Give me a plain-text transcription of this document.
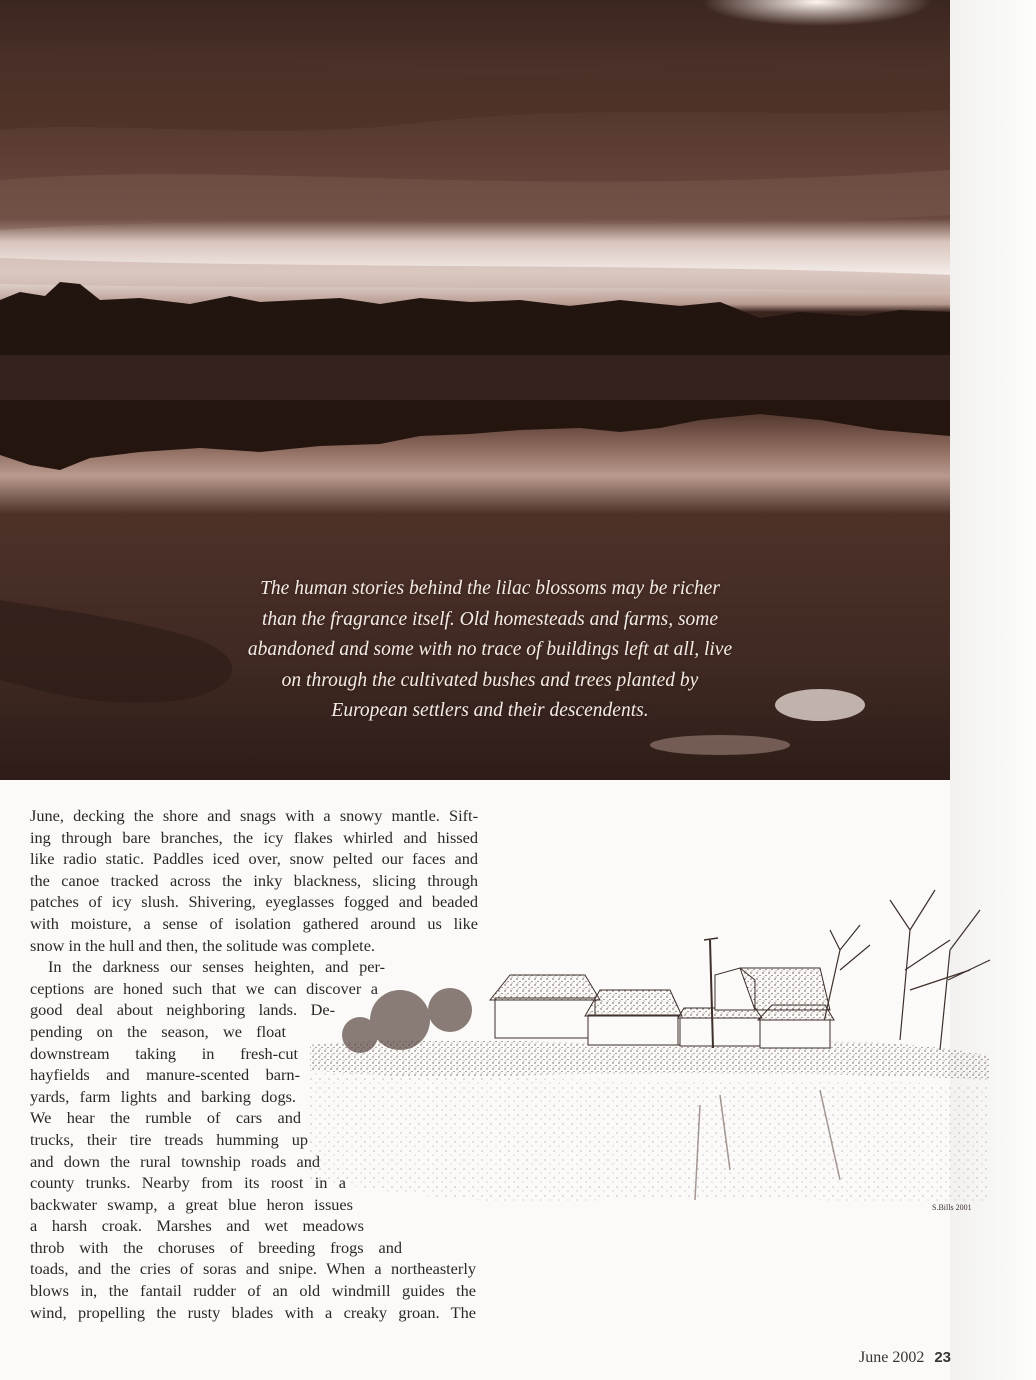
The human stories behind the lilac blossoms may be richer
than the fragrance itself. Old homesteads and farms, some
abandoned and some with no trace of buildings left at all, live
on through the cultivated bushes and trees planted by
European settlers and their descendents.
S.Bills 2001
June, decking the shore and snags with a snowy mantle. Sift-
ing through bare branches, the icy flakes whirled and hissed
like radio static. Paddles iced over, snow pelted our faces and
the canoe tracked across the inky blackness, slicing through
patches of icy slush. Shivering, eyeglasses fogged and beaded
with moisture, a sense of isolation gathered around us like
snow in the hull and then, the solitude was complete.
In the darkness our senses heighten, and per-
ceptions are honed such that we can discover a
good deal about neighboring lands. De-
pending on the season, we float
downstream taking in fresh-cut
hayfields and manure-scented barn-
yards, farm lights and barking dogs.
We hear the rumble of cars and
trucks, their tire treads humming up
and down the rural township roads and
county trunks. Nearby from its roost in a
backwater swamp, a great blue heron issues
a harsh croak. Marshes and wet meadows
throb with the choruses of breeding frogs and
toads, and the cries of soras and snipe. When a northeasterly
blows in, the fantail rudder of an old windmill guides the
wind, propelling the rusty blades with a creaky groan. The
June 2002 23
